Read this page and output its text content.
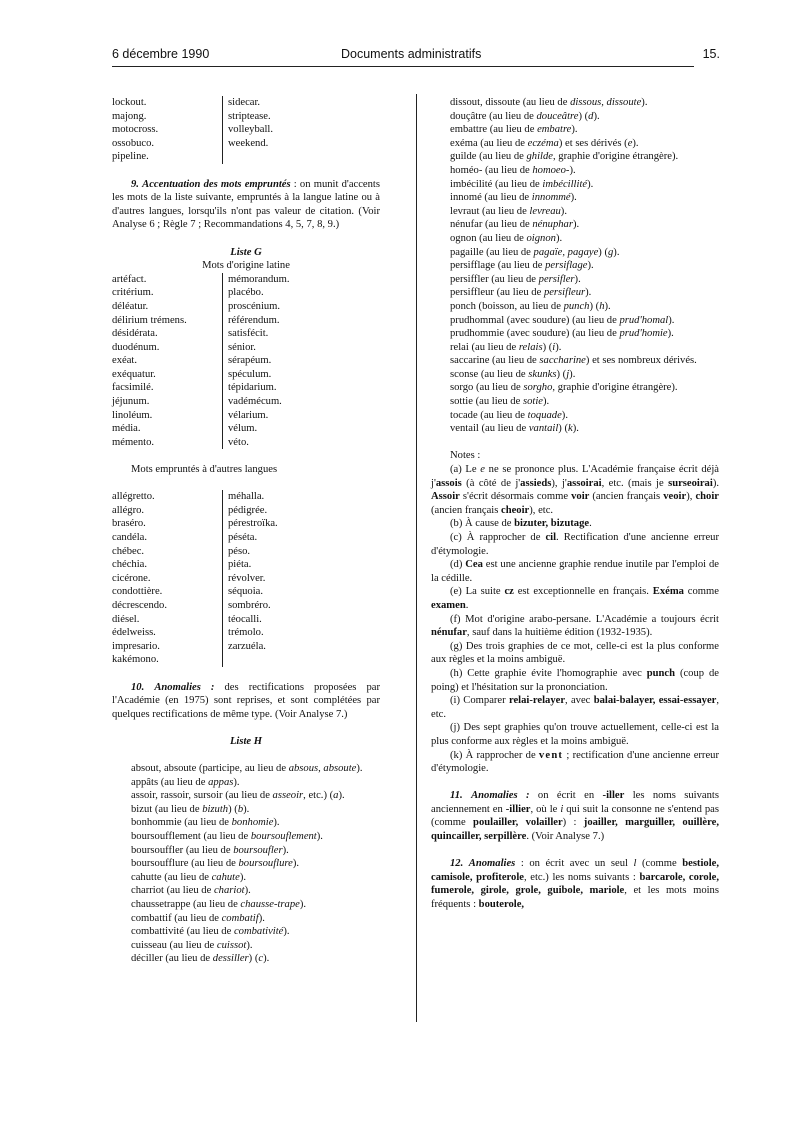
6 décembre 1990	Documents administratifs	15.
lockout.	sidecar.
majong.	striptease.
motocross.	volleyball.
ossobuco.	weekend.
pipeline.

9. Accentuation des mots empruntés : on munit d'accents les mots de la liste suivante, empruntés à la langue latine ou à d'autres langues, lorsqu'ils n'ont pas valeur de citation. (Voir Analyse 6 ; Règle 7 ; Recommandations 4, 5, 7, 8, 9.)

Liste G

Mots d'origine latine

artéfact.	mémorandum.
critérium.	placébo.
déléatur.	proscénium.
délirium trémens.	référendum.
désidérata.	satisfécit.
duodénum.	sénior.
exéat.	sérapéum.
exéquatur.	spéculum.
facsimilé.	tépidarium.
jéjunum.	vadémécum.
linoléum.	vélarium.
média.	vélum.
mémento.	véto.

Mots empruntés à d'autres langues

allégretto.	méhalla.
allégro.	pédigrée.
braséro.	pérestroïka.
candéla.	péséta.
chébec.	péso.
chéchia.	piéta.
cicérone.	révolver.
condottière.	séquoia.
décrescendo.	sombréro.
diésel.	téocalli.
édelweiss.	trémolo.
impresario.	zarzuéla.
kakémono.

10. Anomalies : des rectifications proposées par l'Académie (en 1975) sont reprises, et sont complétées par quelques rectifications de même type. (Voir Analyse 7.)

Liste H

absout, absoute (participe, au lieu de absous, absoute).

appâts (au lieu de appas).

assoir, rassoir, sursoir (au lieu de asseoir, etc.) (a).

bizut (au lieu de bizuth) (b).

bonhommie (au lieu de bonhomie).

boursoufflement (au lieu de boursouflement).

boursouffler (au lieu de boursoufler).

boursoufflure (au lieu de boursouflure).

cahutte (au lieu de cahute).

charriot (au lieu de chariot).

chaussetrappe (au lieu de chausse-trape).

combattif (au lieu de combatif).

combattivité (au lieu de combativité).

cuisseau (au lieu de cuissot).

déciller (au lieu de dessiller) (c).

dissout, dissoute (au lieu de dissous, dissoute).

douçâtre (au lieu de douceâtre) (d).

embattre (au lieu de embatre).

exéma (au lieu de eczéma) et ses dérivés (e).

guilde (au lieu de ghilde, graphie d'origine étrangère).

homéo- (au lieu de homoeo-).

imbécilité (au lieu de imbécillité).

innomé (au lieu de innommé).

levraut (au lieu de levreau).

nénufar (au lieu de nénuphar).

ognon (au lieu de oignon).

pagaille (au lieu de pagaïe, pagaye) (g).

persifflage (au lieu de persiflage).

persiffler (au lieu de persifler).

persiffleur (au lieu de persifleur).

ponch (boisson, au lieu de punch) (h).

prudhommal (avec soudure) (au lieu de prud'homal).

prudhommie (avec soudure) (au lieu de prud'homie).

relai (au lieu de relais) (i).

saccarine (au lieu de saccharine) et ses nombreux dérivés.

sconse (au lieu de skunks) (j).

sorgo (au lieu de sorgho, graphie d'origine étrangère).

sottie (au lieu de sotie).

tocade (au lieu de toquade).

ventail (au lieu de vantail) (k).

Notes :

(a) Le e ne se prononce plus. L'Académie française écrit déjà j'assois (à côté de j'assieds), j'assoirai, etc. (mais je surseoirai). Assoir s'écrit désormais comme voir (ancien français veoir), choir (ancien français cheoir), etc.

(b) À cause de bizuter, bizutage.

(c) À rapprocher de cil. Rectification d'une ancienne erreur d'étymologie.

(d) Cea est une ancienne graphie rendue inutile par l'emploi de la cédille.

(e) La suite cz est exceptionnelle en français. Exéma comme examen.

(f) Mot d'origine arabo-persane. L'Académie a toujours écrit nénufar, sauf dans la huitième édition (1932-1935).

(g) Des trois graphies de ce mot, celle-ci est la plus conforme aux règles et la moins ambiguë.

(h) Cette graphie évite l'homographie avec punch (coup de poing) et l'hésitation sur la prononciation.

(i) Comparer relai-relayer, avec balai-balayer, essai-essayer, etc.

(j) Des sept graphies qu'on trouve actuellement, celle-ci est la plus conforme aux règles et la moins ambiguë.

(k) À rapprocher de vent ; rectification d'une ancienne erreur d'étymologie.

11. Anomalies : on écrit en -iller les noms suivants anciennement en -illier, où le i qui suit la consonne ne s'entend pas (comme poulailler, volailler) : joailler, marguiller, ouillère, quincailler, serpillère. (Voir Analyse 7.)

12. Anomalies : on écrit avec un seul l (comme bestiole, camisole, profiterole, etc.) les noms suivants : barcarole, corole, fumerole, girole, grole, guibole, mariole, et les mots moins fréquents : bouterole,
